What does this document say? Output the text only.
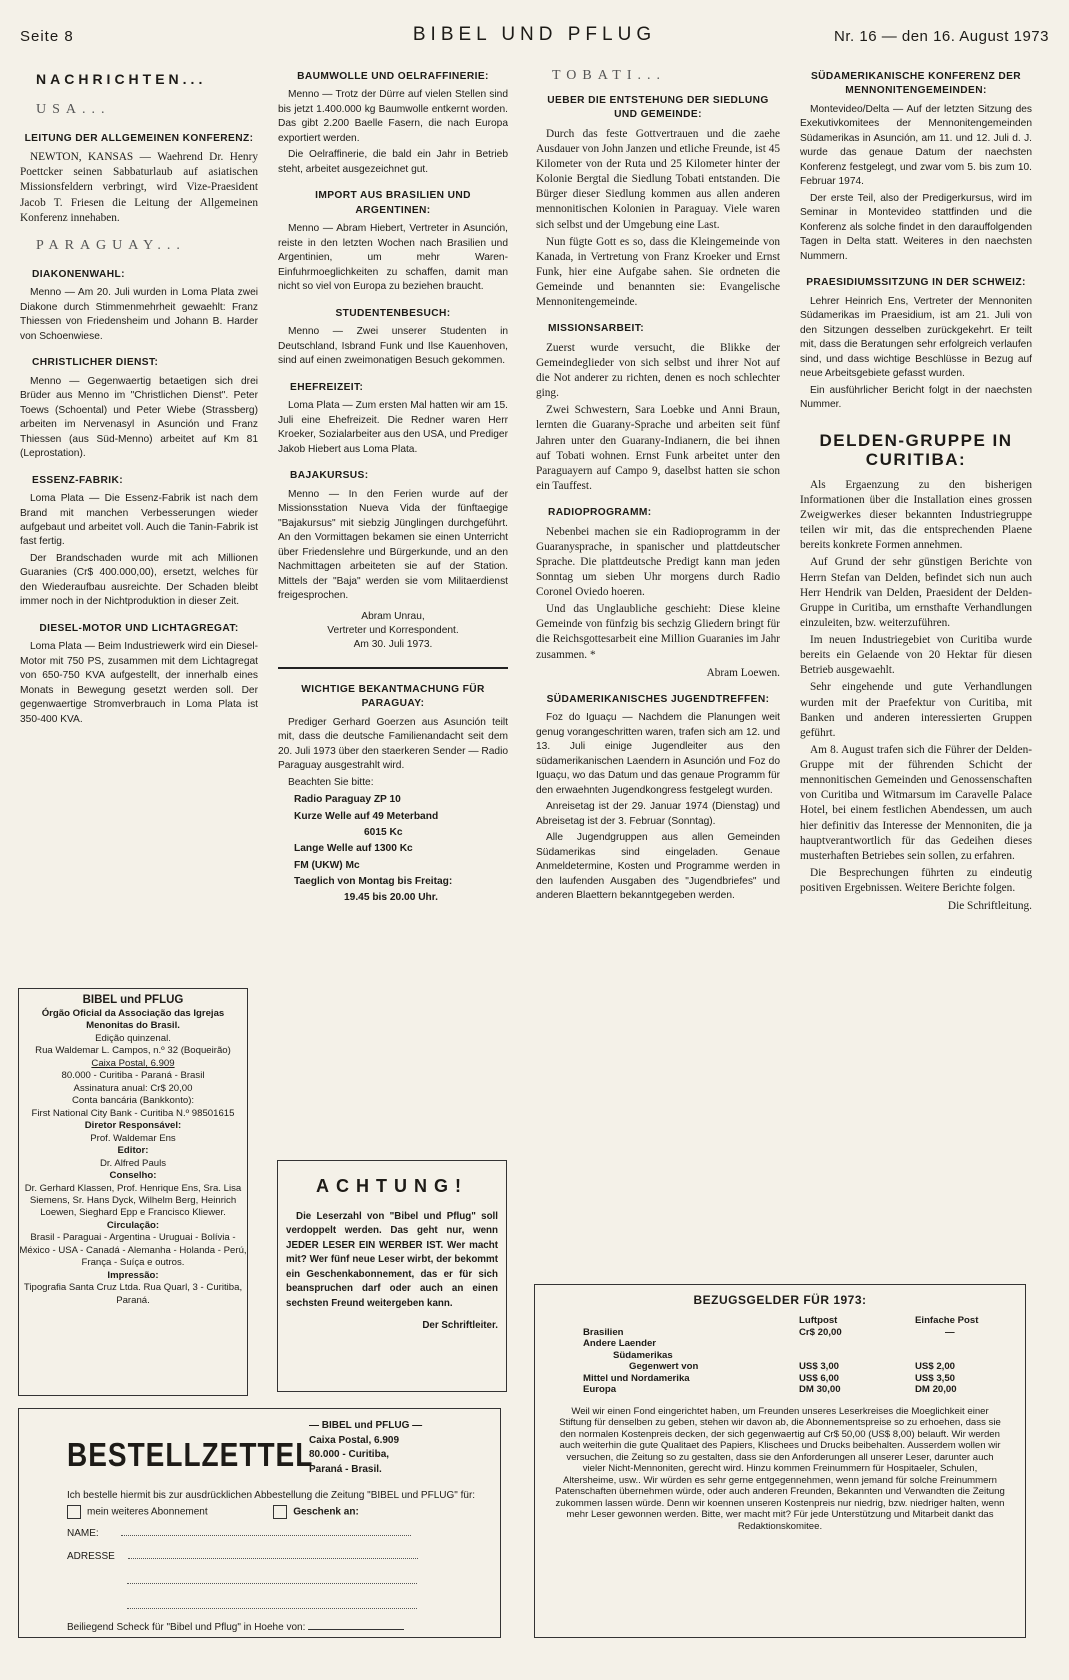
Seite 8	BIBEL UND PFLUG	Nr. 16 — den 16. August 1973
NACHRICHTEN...
USA...
LEITUNG DER ALLGEMEINEN KONFERENZ:

NEWTON, KANSAS — Waehrend Dr. Henry Poettcker seinen Sabbaturlaub auf asiatischen Missionsfeldern verbringt, wird Vize-Praesident Jacob T. Friesen die Leitung der Allgemeinen Konferenz innehaben.

PARAGUAY...
DIAKONENWAHL:

Menno — Am 20. Juli wurden in Loma Plata zwei Diakone durch Stimmenmehrheit gewaehlt: Franz Thiessen von Friedensheim und Johann B. Harder von Schoenwiese.

CHRISTLICHER DIENST:

Menno — Gegenwaertig betaetigen sich drei Brüder aus Menno im "Christlichen Dienst". Peter Toews (Schoental) und Peter Wiebe (Strassberg) arbeiten im Nervenasyl in Asunción und Franz Thiessen (aus Süd-Menno) arbeitet auf Km 81 (Leprostation).

ESSENZ-FABRIK:

Loma Plata — Die Essenz-Fabrik ist nach dem Brand mit manchen Verbesserungen wieder aufgebaut und arbeitet voll. Auch die Tanin-Fabrik ist fast fertig.

Der Brandschaden wurde mit ach Millionen Guaranies (Cr$ 400.000,00), ersetzt, welches für den Wiederaufbau ausreichte. Der Schaden bleibt immer noch in der Nichtproduktion in dieser Zeit.

DIESEL-MOTOR UND LICHTAGREGAT:

Loma Plata — Beim Industriewerk wird ein Diesel-Motor mit 750 PS, zusammen mit dem Lichtagregat von 650-750 KVA aufgestellt, der innerhalb eines Monats in Bewegung gesetzt werden soll. Der gegenwaertige Stromverbrauch in Loma Plata ist 350-400 KVA.

BIBEL und PFLUG
Órgão Oficial da Associação das Igrejas Menonitas do Brasil.
Edição quinzenal.
Rua Waldemar L. Campos, n.º 32 (Boqueirão)
Caixa Postal, 6.909
80.000 - Curitiba - Paraná - Brasil
Assinatura anual: Cr$ 20,00
Conta bancária (Bankkonto):
First National City Bank - Curitiba N.º 98501615
Diretor Responsável:
Prof. Waldemar Ens
Editor:
Dr. Alfred Pauls
Conselho:
Dr. Gerhard Klassen, Prof. Henrique Ens, Sra. Lisa Siemens, Sr. Hans Dyck, Wilhelm Berg, Heinrich Loewen, Sieghard Epp e Francisco Kliewer.
Circulação:
Brasil - Paraguai - Argentina - Uruguai - Bolívia - México - USA - Canadá - Alemanha - Holanda - Perú, França - Suíça e outros.
Impressão:
Tipografia Santa Cruz Ltda. Rua Quarl, 3 - Curitiba, Paraná.
BAUMWOLLE UND OELRAFFINERIE:

Menno — Trotz der Dürre auf vielen Stellen sind bis jetzt 1.400.000 kg Baumwolle entkernt worden. Das gibt 2.200 Baelle Fasern, die nach Europa exportiert werden.

Die Oelraffinerie, die bald ein Jahr in Betrieb steht, arbeitet ausgezeichnet gut.

IMPORT AUS BRASILIEN UND ARGENTINEN:

Menno — Abram Hiebert, Vertreter in Asunción, reiste in den letzten Wochen nach Brasilien und Argentinien, um mehr Waren-Einfuhrmoeglichkeiten zu schaffen, damit man nicht so viel von Europa zu beziehen braucht.

STUDENTENBESUCH:

Menno — Zwei unserer Studenten in Deutschland, Isbrand Funk und Ilse Kauenhoven, sind auf einen zweimonatigen Besuch gekommen.

EHEFREIZEIT:

Loma Plata — Zum ersten Mal hatten wir am 15. Juli eine Ehefreizeit. Die Redner waren Herr Kroeker, Sozialarbeiter aus den USA, und Prediger Jakob Hiebert aus Loma Plata.

BAJAKURSUS:

Menno — In den Ferien wurde auf der Missionsstation Nueva Vida der fünftaegige "Bajakursus" mit siebzig Jünglingen durchgeführt. An den Vormittagen bekamen sie einen Unterricht über Friedenslehre und Bürgerkunde, und an den Nachmittagen arbeiteten sie auf der Station. Mittels der "Baja" werden sie vom Militaerdienst freigesprochen.

Abram Unrau,
Vertreter und Korrespondent.
Am 30. Juli 1973.
WICHTIGE BEKANTMACHUNG FÜR PARAGUAY:

Prediger Gerhard Goerzen aus Asunción teilt mit, dass die deutsche Familienandacht seit dem 20. Juli 1973 über den staerkeren Sender — Radio Paraguay ausgestrahlt wird.

Beachten Sie bitte:

Radio Paraguay ZP 10
Kurze Welle auf 49 Meterband
6015 Kc
Lange Welle auf 1300 Kc
FM (UKW) Mc
Taeglich von Montag bis Freitag:
19.45 bis 20.00 Uhr.
ACHTUNG!

Die Leserzahl von "Bibel und Pflug" soll verdoppelt werden. Das geht nur, wenn JEDER LESER EIN WERBER IST. Wer macht mit? Wer fünf neue Leser wirbt, der bekommt ein Geschenkabonnement, das er für sich beanspruchen darf oder auch an einen sechsten Freund weitergeben kann.

Der Schriftleiter.
TOBATI...
UEBER DIE ENTSTEHUNG DER SIEDLUNG UND GEMEINDE:

Durch das feste Gottvertrauen und die zaehe Ausdauer von John Janzen und etliche Freunde, ist 45 Kilometer von der Ruta und 25 Kilometer hinter der Kolonie Bergtal die Siedlung Tobati entstanden. Die Bürger dieser Siedlung kommen aus allen anderen mennonitischen Kolonien in Paraguay. Viele waren sich selbst und der Umgebung eine Last.

Nun fügte Gott es so, dass die Kleingemeinde von Kanada, in Vertretung von Franz Kroeker und Ernst Funk, hier eine Aufgabe sahen. Sie ordneten die Gemeinde und benannten sie: Evangelische Mennonitengemeinde.

MISSIONSARBEIT:

Zuerst wurde versucht, die Blikke der Gemeindeglieder von sich selbst und ihrer Not auf die Not anderer zu richten, denen es noch schlechter ging.

Zwei Schwestern, Sara Loebke und Anni Braun, lernten die Guarany-Sprache und arbeiten seit fünf Jahren unter den Guarany-Indianern, die bei ihnen auf Tobati wohnen. Ernst Funk arbeitet unter den Paraguayern auf Campo 9, daselbst hatten sie schon ein Tauffest.

RADIOPROGRAMM:

Nebenbei machen sie ein Radioprogramm in der Guaranysprache, in spanischer und plattdeutscher Sprache. Die plattdeutsche Predigt kann man jeden Sonntag um sieben Uhr morgens durch Radio Coronel Oviedo hoeren.

Und das Unglaubliche geschieht: Diese kleine Gemeinde von fünfzig bis sechzig Gliedern bringt für die Reichsgottesarbeit eine Million Guaranies im Jahr zusammen. *

Abram Loewen.
SÜDAMERIKANISCHES JUGENDTREFFEN:

Foz do Iguaçu — Nachdem die Planungen weit genug vorangeschritten waren, trafen sich am 12. und 13. Juli einige Jugendleiter aus den südamerikanischen Laendern in Asunción und Foz do Iguaçu, wo das Datum und das genaue Programm für den erwaehnten Jugendkongress festgelegt wurden.

Anreisetag ist der 29. Januar 1974 (Dienstag) und Abreisetag ist der 3. Februar (Sonntag).

Alle Jugendgruppen aus allen Gemeinden Südamerikas sind eingeladen. Genaue Anmeldetermine, Kosten und Programme werden in den laufenden Ausgaben des "Jugendbriefes" und anderen Blaettern bekanntgegeben werden.

SÜDAMERIKANISCHE KONFERENZ DER MENNONITENGEMEINDEN:

Montevideo/Delta — Auf der letzten Sitzung des Exekutivkomitees der Mennonitengemeinden Südamerikas in Asunción, am 11. und 12. Juli d. J. wurde das genaue Datum der naechsten Konferenz festgelegt, und zwar vom 5. bis zum 10. Februar 1974.

Der erste Teil, also der Predigerkursus, wird im Seminar in Montevideo stattfinden und die Konferenz als solche findet in den darauffolgenden Tagen in Delta statt. Weiteres in den naechsten Nummern.

PRAESIDIUMSSITZUNG IN DER SCHWEIZ:

Lehrer Heinrich Ens, Vertreter der Mennoniten Südamerikas im Praesidium, ist am 21. Juli von den Sitzungen desselben zurückgekehrt. Er teilt mit, dass die Beratungen sehr erfolgreich verlaufen sind, und dass wichtige Beschlüsse in Bezug auf neue Arbeitsgebiete gefasst wurden.

Ein ausführlicher Bericht folgt in der naechsten Nummer.

DELDEN-GRUPPE IN CURITIBA:

Als Ergaenzung zu den bisherigen Informationen über die Installation eines grossen Zweigwerkes dieser bekannten Industriegruppe teilen wir mit, das die entsprechenden Plaene bereits konkrete Formen annehmen.

Auf Grund der sehr günstigen Berichte von Herrn Stefan van Delden, befindet sich nun auch Herr Hendrik van Delden, Praesident der Delden-Gruppe in Curitiba, um ernsthafte Verhandlungen einzuleiten, bzw. weiterzuführen.

Im neuen Industriegebiet von Curitiba wurde bereits ein Gelaende von 20 Hektar für diesen Betrieb ausgewaehlt.

Sehr eingehende und gute Verhandlungen wurden mit der Praefektur von Curitiba, mit Banken und anderen interessierten Gruppen geführt.

Am 8. August trafen sich die Führer der Delden-Gruppe mit der führenden Schicht der mennonitischen Gemeinden und Genossenschaften von Curitiba und Witmarsum im Caravelle Palace Hotel, bei einem festlichen Abendessen, um auch hier definitiv das Interesse der Mennoniten, die ja hauptverantwortlich für das Gedeihen dieses musterhaften Betriebes sein sollen, zu erfahren.

Die Besprechungen führten zu eindeutig positiven Ergebnissen. Weitere Berichte folgen.

Die Schriftleitung.
BEZUGSGELDER FÜR 1973:
	Luftpost	Einfache Post
Brasilien	Cr$ 20,00	—
Andere Laender		
Südamerikas		
Gegenwert von	US$ 3,00	US$ 2,00
Mittel und Nordamerika	US$ 6,00	US$ 3,50
Europa	DM 30,00	DM 20,00
Weil wir einen Fond eingerichtet haben, um Freunden unseres Leserkreises die Moeglichkeit einer Stiftung für denselben zu geben, stehen wir davon ab, die Abonnementspreise so zu erhoehen, dass sie den normalen Kostenpreis decken, der sich gegenwaertig auf Cr$ 50,00 (US$ 8,00) belauft. Wir werden auch weiterhin die gute Qualitaet des Papiers, Klischees und Drucks beibehalten. Ausserdem wollen wir versuchen, die Zeitung so zu gestalten, dass sie den Anforderungen all unserer Leser, darunter auch vieler Nicht-Mennoniten, gerecht wird. Hinzu kommen Freinummern für Hospitaeler, Schulen, Altersheime, usw.. Wir würden es sehr gerne entgegennehmen, wenn jemand für solche Freinummern Patenschaften übernehmen würde, oder auch anderen Freunden, Bekannten und Verwandten die Zeitung zukommen lassen würde. Denn wir koennen unseren Kostenpreis nur niedrig, bzw. niedriger halten, wenn mehr Leser gewonnen werden. Bitte, wer macht mit? Für jede Unterstützung und Mitarbeit dankt das Redaktionskomitee.
BESTELLZETTEL
— BIBEL und PFLUG —
Caixa Postal, 6.909
80.000 - Curitiba,
Paraná - Brasil.
Ich bestelle hiermit bis zur ausdrücklichen Abbestellung die Zeitung "BIBEL und PFLUG" für:
mein weiteres Abonnement	Geschenk an:
NAME:
ADRESSE
Beiliegend Scheck für "Bibel und Pflug" in Hoehe von:
